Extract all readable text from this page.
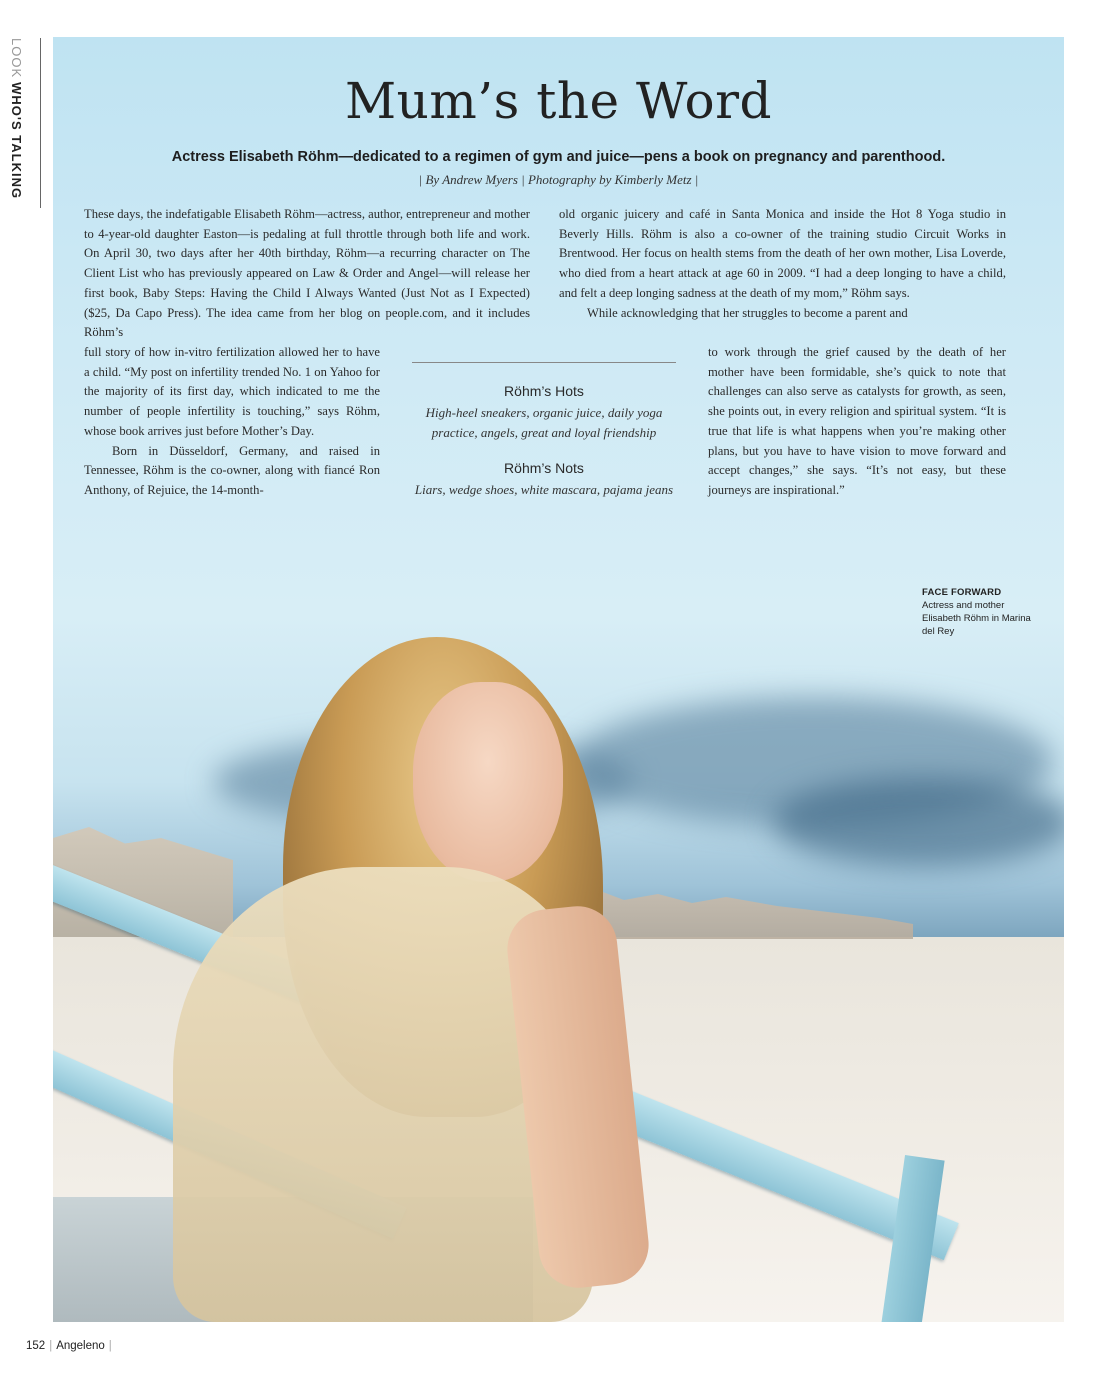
LOOKWHO'S TALKING	Mum’s the Word
Actress Elisabeth Röhm—dedicated to a regimen of gym and juice—pens a book on pregnancy and parenthood.
| By Andrew Myers | Photography by Kimberly Metz |

These days, the indefatigable Elisabeth Röhm—actress, author, entrepreneur and mother to 4-year-old daughter Easton—is pedaling at full throttle through both life and work. On April 30, two days after her 40th birthday, Röhm—a recurring character on The Client List who has previously appeared on Law & Order and Angel—will release her first book, Baby Steps: Having the Child I Always Wanted (Just Not as I Expected) ($25, Da Capo Press). The idea came from her blog on people.com, and it includes Röhm’s

full story of how in-vitro fertilization allowed her to have a child. “My post on infertility trended No. 1 on Yahoo for the majority of its first day, which indicated to me the number of people infertility is touching,” says Röhm, whose book arrives just before Mother’s Day.

Born in Düsseldorf, Germany, and raised in Tennessee, Röhm is the co-owner, along with fiancé Ron Anthony, of Rejuice, the 14-month-

old organic juicery and café in Santa Monica and inside the Hot 8 Yoga studio in Beverly Hills. Röhm is also a co-owner of the training studio Circuit Works in Brentwood. Her focus on health stems from the death of her own mother, Lisa Loverde, who died from a heart attack at age 60 in 2009. “I had a deep longing to have a child, and felt a deep longing sadness at the death of my mom,” Röhm says.

While acknowledging that her struggles to become a parent and

to work through the grief caused by the death of her mother have been formidable, she’s quick to note that challenges can also serve as catalysts for growth, as seen, she points out, in every religion and spiritual system. “It is true that life is what happens when you’re making other plans, but you have to have vision to move forward and accept changes,” she says. “It’s not easy, but these journeys are inspirational.”

Röhm’s Hots
High-heel sneakers, organic juice, daily yoga practice, angels, great and loyal friendship
Röhm’s Nots
Liars, wedge shoes, white mascara, pajama jeans
FACE FORWARD
Actress and mother Elisabeth Röhm in Marina del Rey
152 | Angeleno |
